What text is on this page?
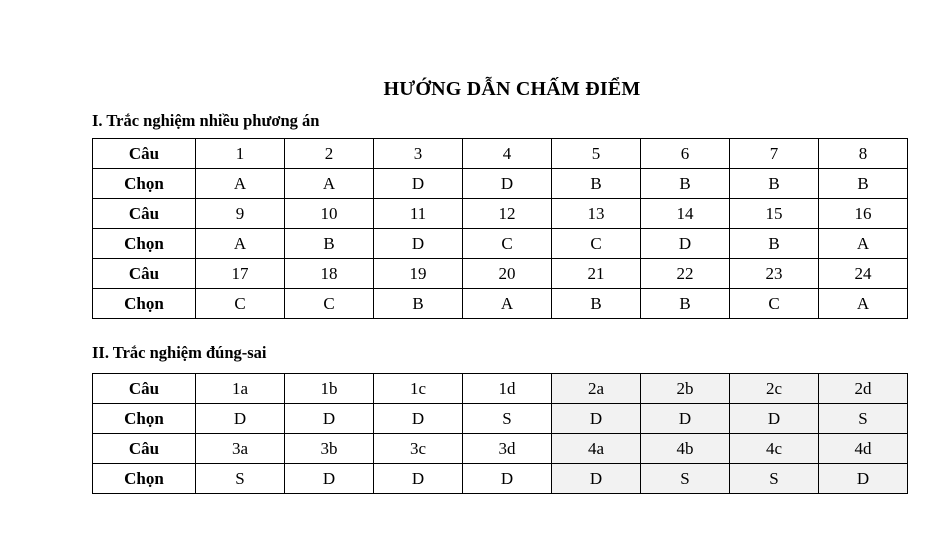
HƯỚNG DẪN CHẤM ĐIỂM
I. Trắc nghiệm nhiều phương án
Câu	1	2	3	4	5	6	7	8
Chọn	A	A	D	D	B	B	B	B
Câu	9	10	11	12	13	14	15	16
Chọn	A	B	D	C	C	D	B	A
Câu	17	18	19	20	21	22	23	24
Chọn	C	C	B	A	B	B	C	A
II. Trắc nghiệm đúng-sai
Câu	1a	1b	1c	1d	2a	2b	2c	2d
Chọn	D	D	D	S	D	D	D	S
Câu	3a	3b	3c	3d	4a	4b	4c	4d
Chọn	S	D	D	D	D	S	S	D
